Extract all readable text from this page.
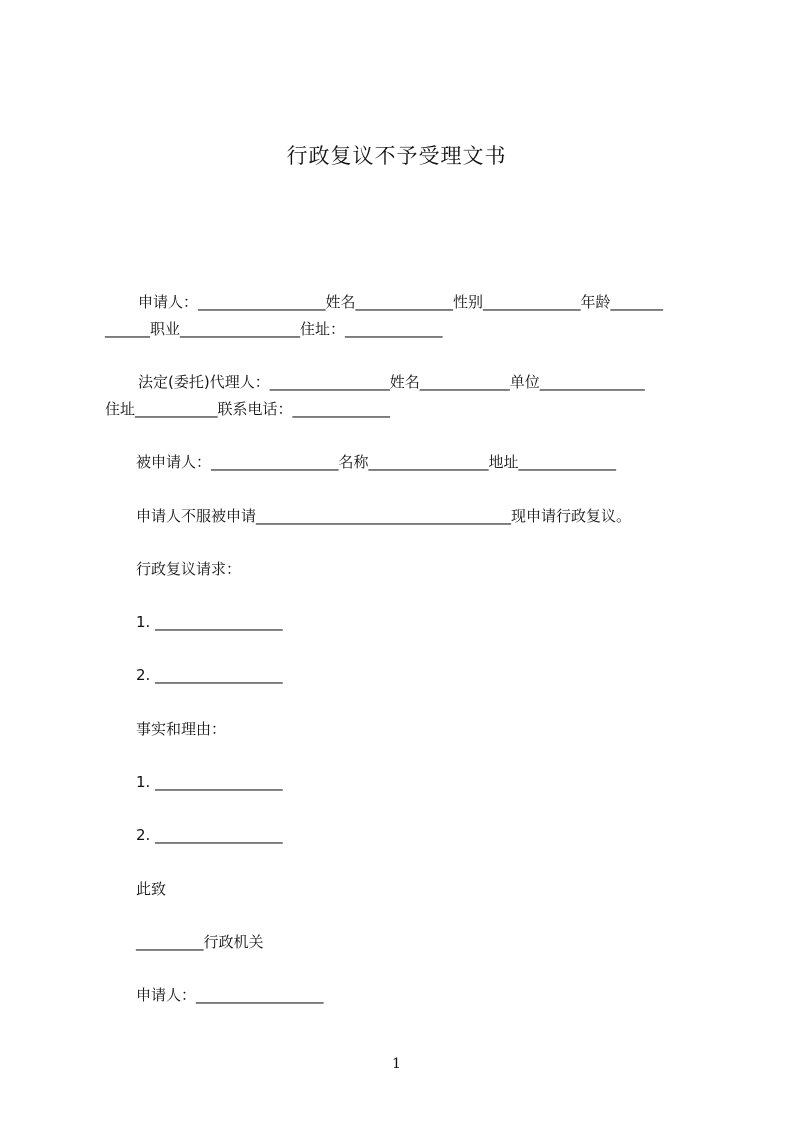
行政复议不予受理文书

申请人：_________________姓名_____________性别_____________年龄_______

______职业________________住址：_____________

法定(委托)代理人：________________姓名____________单位______________

住址___________联系电话：_____________

被申请人：_________________名称________________地址_____________

申请人不服被申请__________________________________现申请行政复议。

行政复议请求：

1. _________________

2. _________________

事实和理由：

1. _________________

2. _________________

此致

_________行政机关

申请人：_________________

1
